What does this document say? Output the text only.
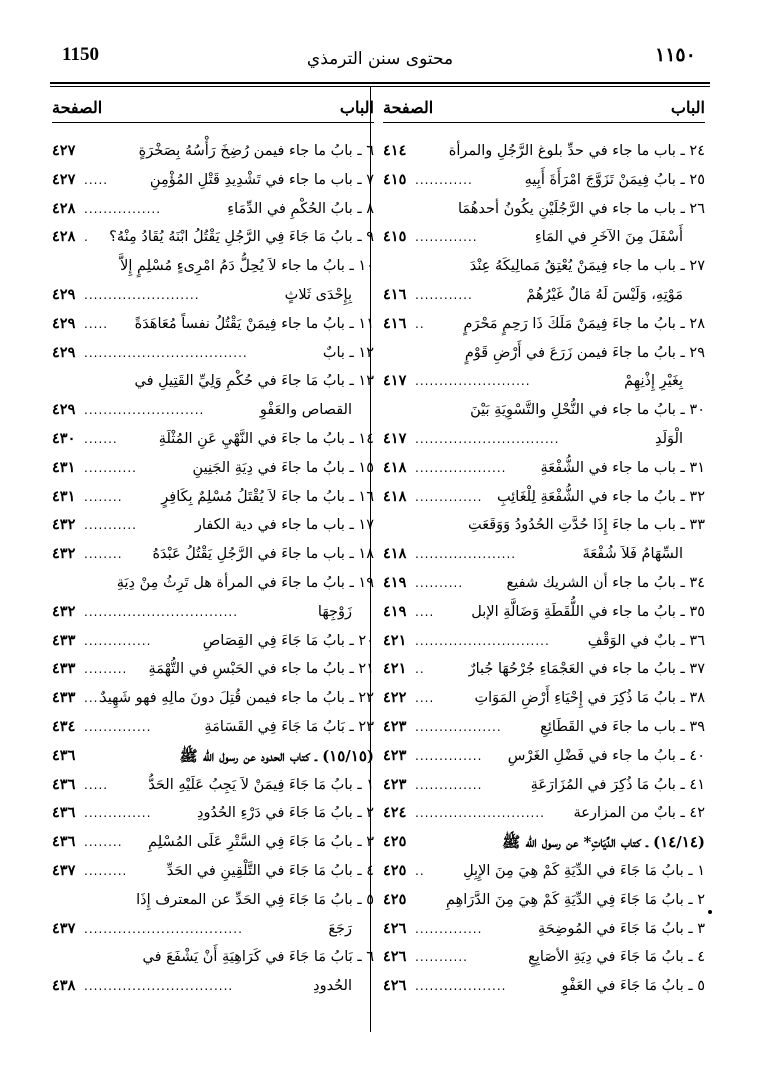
1150	محتوى سنن الترمذي	١١٥٠
الباب
الصفحة
٢٤ ـ باب ما جاء في حدِّ بلوغ الرَّجُلِ والمرأة
٤١٤
٢٥ ـ بابُ فِيمَنْ تَزَوَّجَ امْرَأَةَ أَبِيهِ
............
٤١٥
٢٦ ـ باب ما جاء في الرَّجُلَيْنِ يكُونُ أحدهُمَا
أَسْفَلَ مِنَ الآخَرِ في المَاءِ
.............
٤١٥
٢٧ ـ باب ما جاء فِيمَنْ يُعْتِقُ مَمالِيكَهُ عِنْدَ
مَوْتِهِ، وَلَيْسَ لَهُ مَالٌ غَيْرُهُمْ
............
٤١٦
٢٨ ـ بابُ ما جاءَ فِيمَنْ مَلَكَ ذَا رَحِمٍ مَحْرَمٍ
..
٤١٦
٢٩ ـ بابُ ما جاءَ فيمن زَرَعَ في أَرْضِ قَوْمٍ
بِغَيْرِ إِذْنِهِمْ
........................
٤١٧
٣٠ ـ بابُ ما جاء في النُّحْلِ والتَّسْوِيَةِ بَيْنَ
الْوَلَدِ
..............................
٤١٧
٣١ ـ باب ما جاء في الشُّفْعَةِ
...................
٤١٨
٣٢ ـ بابُ ما جاء في الشُّفْعَةِ لِلْغَائِبِ
..............
٤١٨
٣٣ ـ باب ما جاءَ إِذَا حُدَّتِ الحُدُودُ وَوَقَعَتِ
السِّهَامُ فَلاَ شُفْعَةَ
.....................
٤١٨
٣٤ ـ بابُ ما جاء أن الشريك شفيع
..........
٤١٩
٣٥ ـ بابُ ما جاء في اللُّقَطَةِ وَضَالَّةِ الإبل
....
٤١٩
٣٦ ـ بابٌ في الوَقْفِ
............................
٤٢١
٣٧ ـ بابُ ما جاء في العَجْمَاءِ جُرْحُهَا جُبارٌ
..
٤٢١
٣٨ ـ بابُ مَا ذُكِرَ في إِحْيَاءِ أَرْضِ المَوَاتِ
....
٤٢٢
٣٩ ـ باب ما جاءَ في القَطَائِعِ
..................
٤٢٣
٤٠ ـ بابُ ما جاء في فَضْلِ الغَرْسِ
..............
٤٢٣
٤١ ـ بابُ مَا ذُكِرَ في المُزَارَعَةِ
..............
٤٢٣
٤٢ ـ بابٌ من المزارعة
...........................
٤٢٤
(١٤/١٤) ـ كتاب الدِّيَاتِ* عن رسول الله ﷺ
٤٢٥
١ ـ بابُ مَا جَاءَ في الدِّيَةِ كَمْ هِيَ مِنَ الإِبِلِ
..
٤٢٥
٢ ـ بابُ مَا جَاءَ فِي الدِّيَةِ كَمْ هِيَ مِنَ الدَّرَاهِمِ
٤٢٥
٣ ـ بابُ مَا جَاءَ في المُوضِحَةِ
..............
٤٢٦
٤ ـ بابُ مَا جَاءَ في دِيَةِ الأصَابِعِ
...........
٤٢٦
٥ ـ بابُ مَا جَاءَ في العَفْوِ
...................
٤٢٦
الباب
الصفحة
٦ ـ بابُ ما جاء فيمن رُضِخَ رَأْسُهُ بِصَخْرَةٍ
٤٢٧
٧ ـ باب ما جاء في تَشْدِيدِ قَتْلِ المُؤْمِنِ
.....
٤٢٧
٨ ـ بابُ الحُكْمِ في الدِّمَاءِ
................
٤٢٨
٩ ـ بابُ مَا جَاءَ فِي الرَّجُلِ يَقْتُلُ ابْنَهُ يُقَادُ مِنْهُ؟
.
٤٢٨
١٠ ـ بابُ ما جاء لاَ يُحِلُّ دَمُ امْرِىءٍ مُسْلِمٍ إِلاَّ
بِإِحْدَى ثَلاثٍ
........................
٤٢٩
١١ ـ بابُ ما جاء فِيمَنْ يَقْتُلُ نفساً مُعَاهَدَةً
.....
٤٢٩
١٢ ـ بابٌ
..................................
٤٢٩
١٣ ـ بابُ مَا جاءَ في حُكْمِ وَلِيِّ القَتِيلِ في
القصاص والعَفْوِ
.........................
٤٢٩
١٤ ـ بابُ ما جاءَ في النَّهْيِ عَنِ المُثْلَةِ
.......
٤٣٠
١٥ ـ بابُ ما جاءَ في دِيَةِ الجَنِينِ
...........
٤٣١
١٦ ـ بابُ ما جاءَ لاَ يُقْتَلُ مُسْلِمٌ بِكَافِرٍ
........
٤٣١
١٧ ـ باب ما جاء في دية الكفار
...........
٤٣٢
١٨ ـ باب ما جاءَ في الرَّجُلِ يَقْتُلُ عَبْدَهُ
........
٤٣٢
١٩ ـ بابُ ما جاءَ في المرأة هل تَرِثُ مِنْ دِيَةِ
زَوْجِهَا
................................
٤٣٢
٢٠ ـ بابُ مَا جَاءَ فِي القِصَاصِ
..............
٤٣٣
٢١ ـ بابُ ما جاء في الحَبْسِ في التُّهْمَةِ
.........
٤٣٣
٢٢ ـ بابُ ما جاء فيمن قُتِلَ دونَ مالِهِ فهو شَهِيدٌ
....
٤٣٣
٢٣ ـ بَابُ مَا جَاءَ فِي القَسَامَةِ
..............
٤٣٤
(١٥/١٥) ـ كتاب الحدود عن رسول الله ﷺ
٤٣٦
١ ـ بابُ مَا جَاءَ فِيمَنْ لاَ يَجِبُ عَلَيْهِ الحَدُّ
.....
٤٣٦
٢ ـ بابُ مَا جَاءَ في دَرْءِ الحُدُودِ
..............
٤٣٦
٣ ـ بابُ مَا جَاءَ فِي السَّتْرِ عَلَى المُسْلِمِ
........
٤٣٦
٤ ـ بابُ مَا جَاءَ في التَّلْقِينِ في الحَدِّ
.........
٤٣٧
٥ ـ بابُ مَا جَاءَ فِي الحَدِّ عن المعترف إِذَا
رَجَعَ
.................................
٤٣٧
٦ ـ بَابُ مَا جَاءَ في كَرَاهِيَةِ أَنْ يَشْفَعَ في
الحُدودِ
...............................
٤٣٨
